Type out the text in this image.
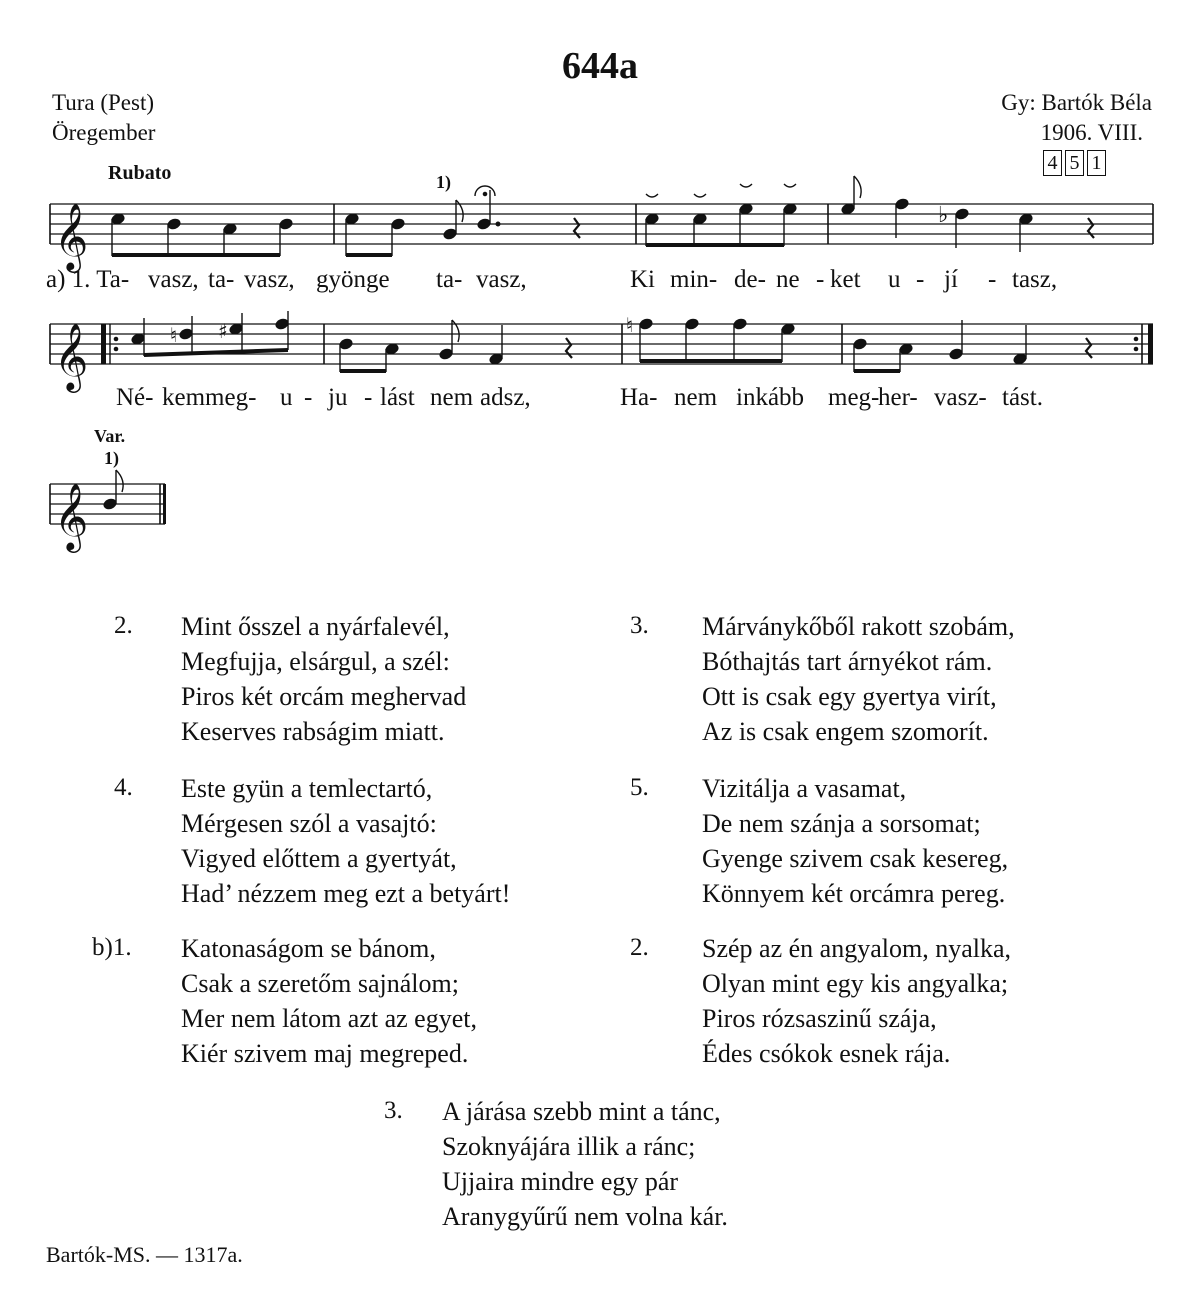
644a
Tura (Pest)
Öregember
Gy: Bartók Béla
1906. VIII.
4 5 1
Rubato	1)
Var.
1)
𝄞
𝄞
𝄞
♭
♮ ♯	♮
a) 1. Ta- vasz, ta- vasz, gyönge ta- vasz,	Ki min- de- ne - ket u - jí - tasz,
Né- kemmeg- u - ju - lást nem adsz,	Ha- nem inkább meg-
her- vasz- tást.
2. Mint ősszel a nyárfalevél,
Megfujja, elsárgul, a szél:
Piros két orcám meghervad
Keserves rabságim miatt.
3. Márványkőből rakott szobám,
Bóthajtás tart árnyékot rám.
Ott is csak egy gyertya virít,
Az is csak engem szomorít.
4. Este gyün a temlectartó,
Mérgesen szól a vasajtó:
Vigyed előttem a gyertyát,
Had’ nézzem meg ezt a betyárt!
5. Vizitálja a vasamat,
De nem szánja a sorsomat;
Gyenge szivem csak kesereg,
Könnyem két orcámra pereg.
b)1. Katonaságom se bánom,
Csak a szeretőm sajnálom;
Mer nem látom azt az egyet,
Kiér szivem maj megreped.
2. Szép az én angyalom, nyalka,
Olyan mint egy kis angyalka;
Piros rózsaszinű szája,
Édes csókok esnek rája.
3. A járása szebb mint a tánc,
Szoknyájára illik a ránc;
Ujjaira mindre egy pár
Aranygyűrű nem volna kár.
Bartók-MS. — 1317a.
